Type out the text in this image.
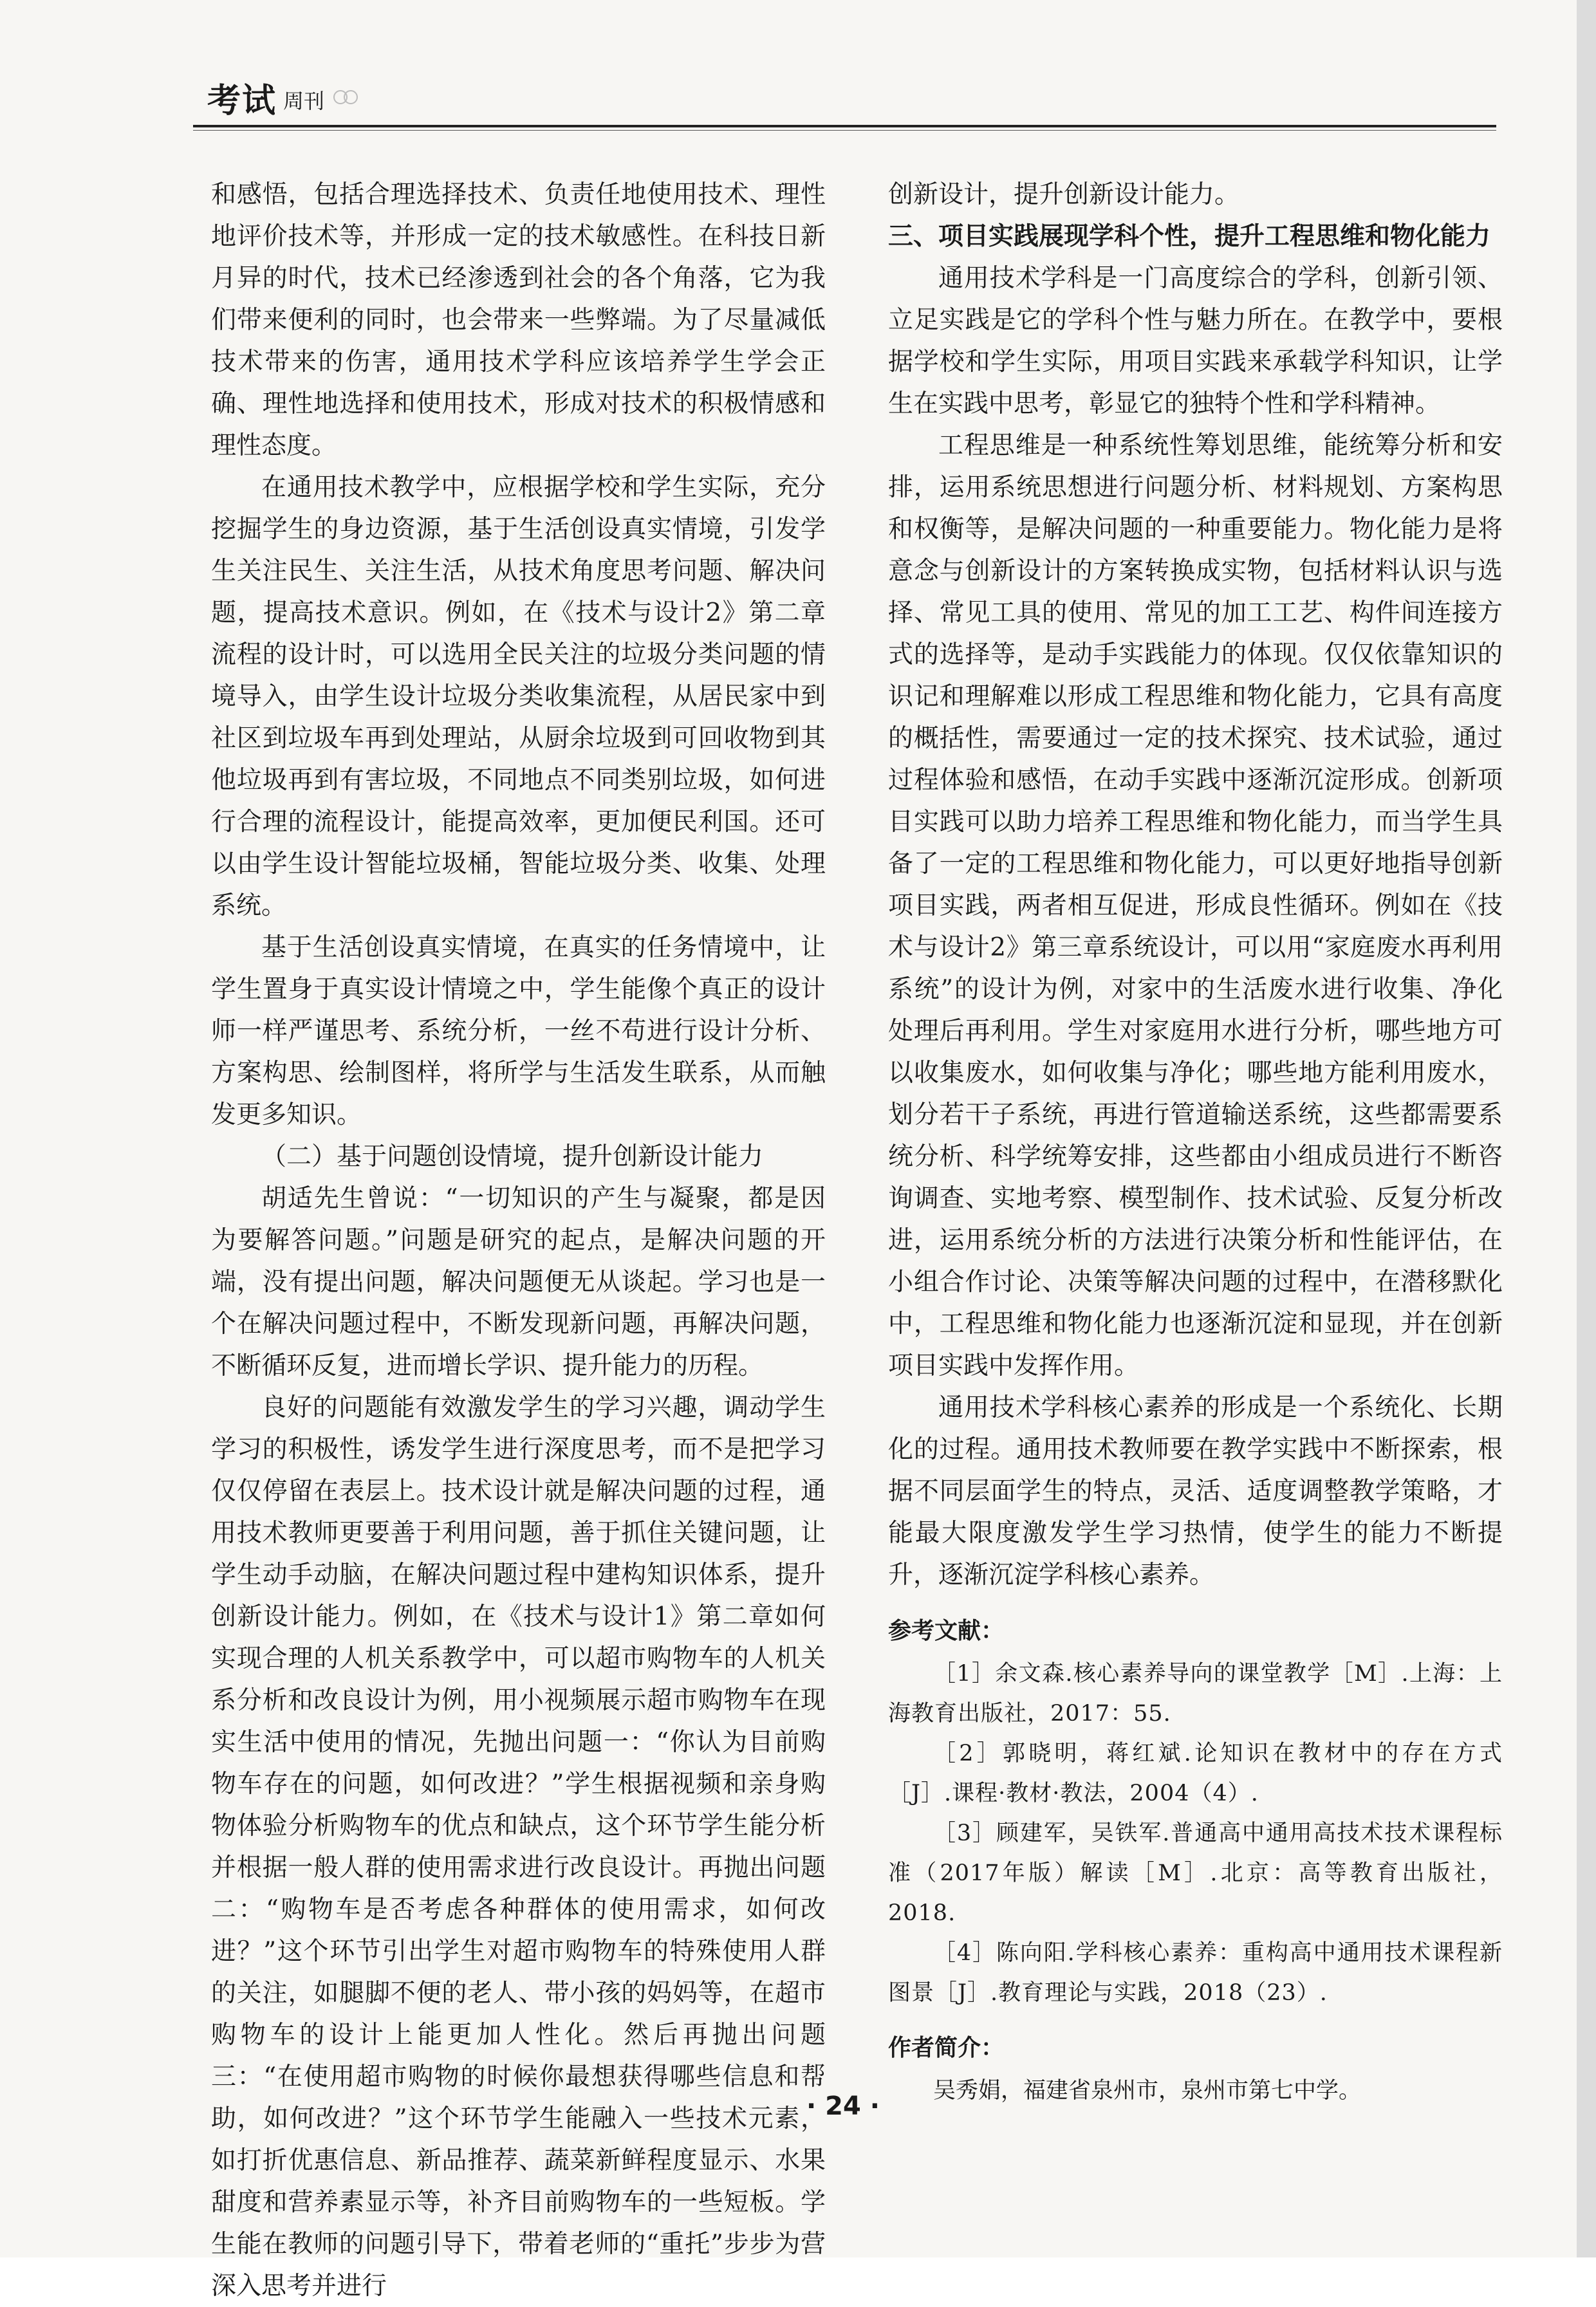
考试 周刊

和感悟，包括合理选择技术、负责任地使用技术、理性地评价技术等，并形成一定的技术敏感性。在科技日新月异的时代，技术已经渗透到社会的各个角落，它为我们带来便利的同时，也会带来一些弊端。为了尽量减低技术带来的伤害，通用技术学科应该培养学生学会正确、理性地选择和使用技术，形成对技术的积极情感和理性态度。

在通用技术教学中，应根据学校和学生实际，充分挖掘学生的身边资源，基于生活创设真实情境，引发学生关注民生、关注生活，从技术角度思考问题、解决问题，提高技术意识。例如，在《技术与设计2》第二章流程的设计时，可以选用全民关注的垃圾分类问题的情境导入，由学生设计垃圾分类收集流程，从居民家中到社区到垃圾车再到处理站，从厨余垃圾到可回收物到其他垃圾再到有害垃圾，不同地点不同类别垃圾，如何进行合理的流程设计，能提高效率，更加便民利国。还可以由学生设计智能垃圾桶，智能垃圾分类、收集、处理系统。

基于生活创设真实情境，在真实的任务情境中，让学生置身于真实设计情境之中，学生能像个真正的设计师一样严谨思考、系统分析，一丝不苟进行设计分析、方案构思、绘制图样，将所学与生活发生联系，从而触发更多知识。

（二）基于问题创设情境，提升创新设计能力

胡适先生曾说：“一切知识的产生与凝聚，都是因为要解答问题。”问题是研究的起点，是解决问题的开端，没有提出问题，解决问题便无从谈起。学习也是一个在解决问题过程中，不断发现新问题，再解决问题，不断循环反复，进而增长学识、提升能力的历程。

良好的问题能有效激发学生的学习兴趣，调动学生学习的积极性，诱发学生进行深度思考，而不是把学习仅仅停留在表层上。技术设计就是解决问题的过程，通用技术教师更要善于利用问题，善于抓住关键问题，让学生动手动脑，在解决问题过程中建构知识体系，提升创新设计能力。例如，在《技术与设计1》第二章如何实现合理的人机关系教学中，可以超市购物车的人机关系分析和改良设计为例，用小视频展示超市购物车在现实生活中使用的情况，先抛出问题一：“你认为目前购物车存在的问题，如何改进？”学生根据视频和亲身购物体验分析购物车的优点和缺点，这个环节学生能分析并根据一般人群的使用需求进行改良设计。再抛出问题二：“购物车是否考虑各种群体的使用需求，如何改进？”这个环节引出学生对超市购物车的特殊使用人群的关注，如腿脚不便的老人、带小孩的妈妈等，在超市购物车的设计上能更加人性化。然后再抛出问题三：“在使用超市购物的时候你最想获得哪些信息和帮助，如何改进？”这个环节学生能融入一些技术元素，如打折优惠信息、新品推荐、蔬菜新鲜程度显示、水果甜度和营养素显示等，补齐目前购物车的一些短板。学生能在教师的问题引导下，带着老师的“重托”步步为营深入思考并进行

创新设计，提升创新设计能力。

三、项目实践展现学科个性，提升工程思维和物化能力

通用技术学科是一门高度综合的学科，创新引领、立足实践是它的学科个性与魅力所在。在教学中，要根据学校和学生实际，用项目实践来承载学科知识，让学生在实践中思考，彰显它的独特个性和学科精神。

工程思维是一种系统性筹划思维，能统筹分析和安排，运用系统思想进行问题分析、材料规划、方案构思和权衡等，是解决问题的一种重要能力。物化能力是将意念与创新设计的方案转换成实物，包括材料认识与选择、常见工具的使用、常见的加工工艺、构件间连接方式的选择等，是动手实践能力的体现。仅仅依靠知识的识记和理解难以形成工程思维和物化能力，它具有高度的概括性，需要通过一定的技术探究、技术试验，通过过程体验和感悟，在动手实践中逐渐沉淀形成。创新项目实践可以助力培养工程思维和物化能力，而当学生具备了一定的工程思维和物化能力，可以更好地指导创新项目实践，两者相互促进，形成良性循环。例如在《技术与设计2》第三章系统设计，可以用“家庭废水再利用系统”的设计为例，对家中的生活废水进行收集、净化处理后再利用。学生对家庭用水进行分析，哪些地方可以收集废水，如何收集与净化；哪些地方能利用废水，划分若干子系统，再进行管道输送系统，这些都需要系统分析、科学统筹安排，这些都由小组成员进行不断咨询调查、实地考察、模型制作、技术试验、反复分析改进，运用系统分析的方法进行决策分析和性能评估，在小组合作讨论、决策等解决问题的过程中，在潜移默化中，工程思维和物化能力也逐渐沉淀和显现，并在创新项目实践中发挥作用。

通用技术学科核心素养的形成是一个系统化、长期化的过程。通用技术教师要在教学实践中不断探索，根据不同层面学生的特点，灵活、适度调整教学策略，才能最大限度激发学生学习热情，使学生的能力不断提升，逐渐沉淀学科核心素养。

参考文献：

［1］余文森.核心素养导向的课堂教学［M］.上海：上海教育出版社，2017：55.

［2］郭晓明，蒋红斌.论知识在教材中的存在方式［J］.课程·教材·教法，2004（4）.

［3］顾建军，吴铁军.普通高中通用高技术技术课程标准（2017年版）解读［M］.北京：高等教育出版社，2018.

［4］陈向阳.学科核心素养：重构高中通用技术课程新图景［J］.教育理论与实践，2018（23）.

作者简介：

吴秀娟，福建省泉州市，泉州市第七中学。

· 24 ·
